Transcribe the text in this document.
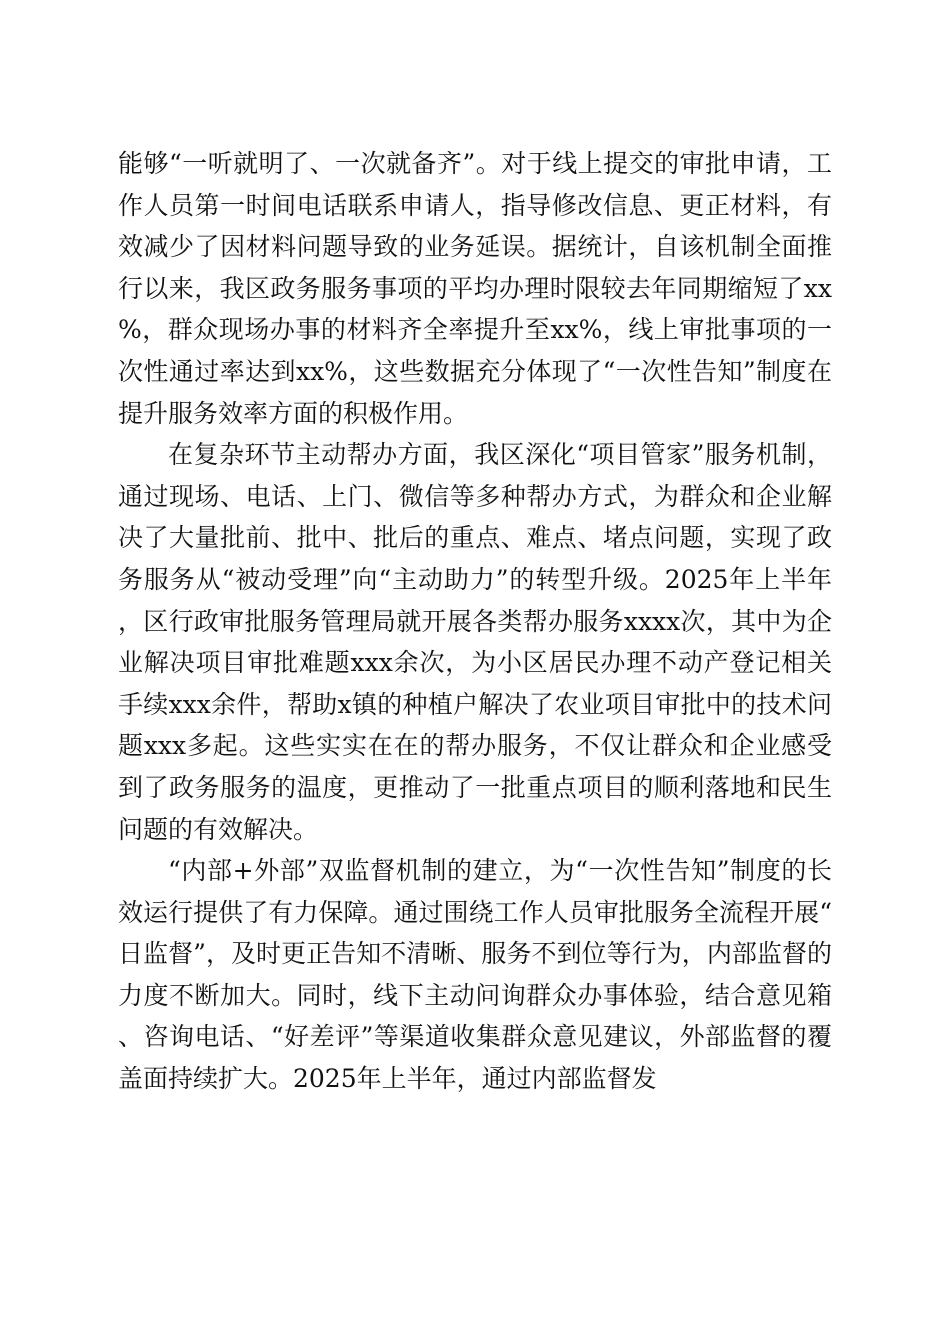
能够“一听就明了、一次就备齐”。对于线上提交的审批申请，工作人员第一时间电话联系申请人，指导修改信息、更正材料，有效减少了因材料问题导致的业务延误。据统计，自该机制全面推行以来，我区政务服务事项的平均办理时限较去年同期缩短了xx%，群众现场办事的材料齐全率提升至xx%，线上审批事项的一次性通过率达到xx%，这些数据充分体现了“一次性告知”制度在提升服务效率方面的积极作用。

在复杂环节主动帮办方面，我区深化“项目管家”服务机制，通过现场、电话、上门、微信等多种帮办方式，为群众和企业解决了大量批前、批中、批后的重点、难点、堵点问题，实现了政务服务从“被动受理”向“主动助力”的转型升级。2025年上半年，区行政审批服务管理局就开展各类帮办服务xxxx次，其中为企业解决项目审批难题xxx余次，为小区居民办理不动产登记相关手续xxx余件，帮助x镇的种植户解决了农业项目审批中的技术问题xxx多起。这些实实在在的帮办服务，不仅让群众和企业感受到了政务服务的温度，更推动了一批重点项目的顺利落地和民生问题的有效解决。

“内部+外部”双监督机制的建立，为“一次性告知”制度的长效运行提供了有力保障。通过围绕工作人员审批服务全流程开展“日监督”，及时更正告知不清晰、服务不到位等行为，内部监督的力度不断加大。同时，线下主动问询群众办事体验，结合意见箱、咨询电话、“好差评”等渠道收集群众意见建议，外部监督的覆盖面持续扩大。2025年上半年，通过内部监督发
